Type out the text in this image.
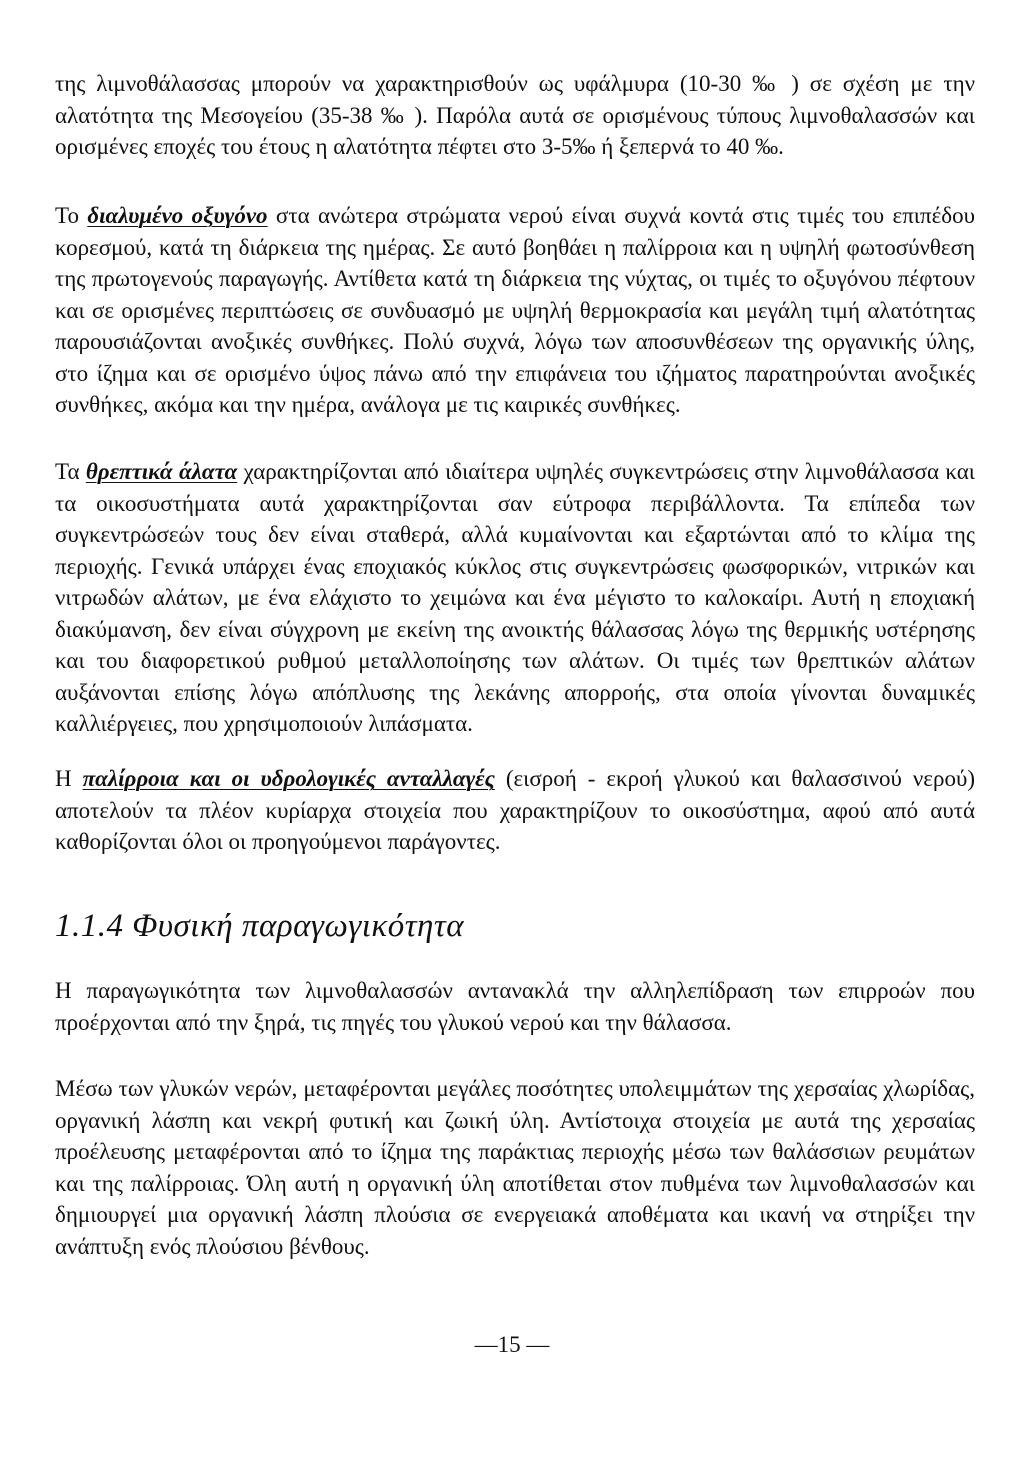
της λιμνοθάλασσας μπορούν να χαρακτηρισθούν ως υφάλμυρα (10-30 ‰ ) σε σχέση με την αλατότητα της Μεσογείου (35-38 ‰ ). Παρόλα αυτά σε ορισμένους τύπους λιμνοθαλασσών και ορισμένες εποχές του έτους η αλατότητα πέφτει στο 3-5‰ ή ξεπερνά το 40 ‰.

Το διαλυμένο οξυγόνο στα ανώτερα στρώματα νερού είναι συχνά κοντά στις τιμές του επιπέδου κορεσμού, κατά τη διάρκεια της ημέρας. Σε αυτό βοηθάει η παλίρροια και η υψηλή φωτοσύνθεση της πρωτογενούς παραγωγής. Αντίθετα κατά τη διάρκεια της νύχτας, οι τιμές το οξυγόνου πέφτουν και σε ορισμένες περιπτώσεις σε συνδυασμό με υψηλή θερμοκρασία και μεγάλη τιμή αλατότητας παρουσιάζονται ανοξικές συνθήκες. Πολύ συχνά, λόγω των αποσυνθέσεων της οργανικής ύλης, στο ίζημα και σε ορισμένο ύψος πάνω από την επιφάνεια του ιζήματος παρατηρούνται ανοξικές συνθήκες, ακόμα και την ημέρα, ανάλογα με τις καιρικές συνθήκες.

Τα θρεπτικά άλατα χαρακτηρίζονται από ιδιαίτερα υψηλές συγκεντρώσεις στην λιμνοθάλασσα και τα οικοσυστήματα αυτά χαρακτηρίζονται σαν εύτροφα περιβάλλοντα. Τα επίπεδα των συγκεντρώσεών τους δεν είναι σταθερά, αλλά κυμαίνονται και εξαρτώνται από το κλίμα της περιοχής. Γενικά υπάρχει ένας εποχιακός κύκλος στις συγκεντρώσεις φωσφορικών, νιτρικών και νιτρωδών αλάτων, με ένα ελάχιστο το χειμώνα και ένα μέγιστο το καλοκαίρι. Αυτή η εποχιακή διακύμανση, δεν είναι σύγχρονη με εκείνη της ανοικτής θάλασσας λόγω της θερμικής υστέρησης και του διαφορετικού ρυθμού μεταλλοποίησης των αλάτων. Οι τιμές των θρεπτικών αλάτων αυξάνονται επίσης λόγω απόπλυσης της λεκάνης απορροής, στα οποία γίνονται δυναμικές καλλιέργειες, που χρησιμοποιούν λιπάσματα.

Η παλίρροια και οι υδρολογικές ανταλλαγές (εισροή - εκροή γλυκού και θαλασσινού νερού) αποτελούν τα πλέον κυρίαρχα στοιχεία που χαρακτηρίζουν το οικοσύστημα, αφού από αυτά καθορίζονται όλοι οι προηγούμενοι παράγοντες.

1.1.4 Φυσική παραγωγικότητα

Η παραγωγικότητα των λιμνοθαλασσών αντανακλά την αλληλεπίδραση των επιρροών που προέρχονται από την ξηρά, τις πηγές του γλυκού νερού και την θάλασσα.

Μέσω των γλυκών νερών, μεταφέρονται μεγάλες ποσότητες υπολειμμάτων της χερσαίας χλωρίδας, οργανική λάσπη και νεκρή φυτική και ζωική ύλη. Αντίστοιχα στοιχεία με αυτά της χερσαίας προέλευσης μεταφέρονται από το ίζημα της παράκτιας περιοχής μέσω των θαλάσσιων ρευμάτων και της παλίρροιας. Όλη αυτή η οργανική ύλη αποτίθεται στον πυθμένα των λιμνοθαλασσών και δημιουργεί μια οργανική λάσπη πλούσια σε ενεργειακά αποθέματα και ικανή να στηρίξει την ανάπτυξη ενός πλούσιου βένθους.

—15 —
